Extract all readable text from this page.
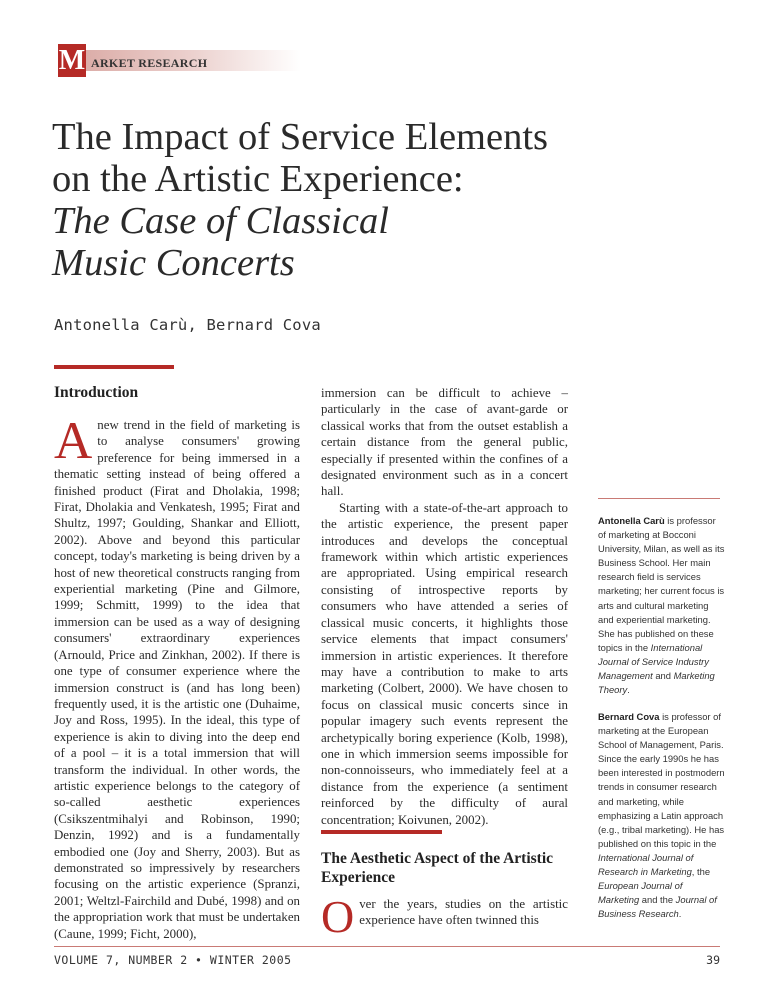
M ARKET RESEARCH
The Impact of Service Elements
on the Artistic Experience:
The Case of Classical
Music Concerts
Antonella Carù, Bernard Cova
Introduction

Anew trend in the field of marketing is to analyse consumers' growing preference for being immersed in a thematic setting instead of being offered a finished product (Firat and Dholakia, 1998; Firat, Dholakia and Venkatesh, 1995; Firat and Shultz, 1997; Goulding, Shankar and Elliott, 2002). Above and beyond this particular concept, today's marketing is being driven by a host of new theoretical constructs ranging from experiential marketing (Pine and Gilmore, 1999; Schmitt, 1999) to the idea that immersion can be used as a way of designing consumers' extraordinary experiences (Arnould, Price and Zinkhan, 2002). If there is one type of consumer experience where the immersion construct is (and has long been) frequently used, it is the artistic one (Duhaime, Joy and Ross, 1995). In the ideal, this type of experience is akin to diving into the deep end of a pool – it is a total immersion that will transform the individual. In other words, the artistic experience belongs to the category of so-called aesthetic experiences (Csikszentmihalyi and Robinson, 1990; Denzin, 1992) and is a fundamentally embodied one (Joy and Sherry, 2003). But as demonstrated so impressively by researchers focusing on the artistic experience (Spranzi, 2001; Weltzl-Fairchild and Dubé, 1998) and on the appropriation work that must be undertaken (Caune, 1999; Ficht, 2000),

immersion can be difficult to achieve – particularly in the case of avant-garde or classical works that from the outset establish a certain distance from the general public, especially if presented within the confines of a designated environment such as in a concert hall.

Starting with a state-of-the-art approach to the artistic experience, the present paper introduces and develops the conceptual framework within which artistic experiences are appropriated. Using empirical research consisting of introspective reports by consumers who have attended a series of classical music concerts, it highlights those service elements that impact consumers' immersion in artistic experiences. It therefore may have a contribution to make to arts marketing (Colbert, 2000). We have chosen to focus on classical music concerts since in popular imagery such events represent the archetypically boring experience (Kolb, 1998), one in which immersion seems impossible for non-connoisseurs, who immediately feel at a distance from the experience (a sentiment reinforced by the difficulty of aural concentration; Koivunen, 2002).

The Aesthetic Aspect of the Artistic Experience

Over the years, studies on the artistic experience have often twinned this

Antonella Carù is professor of marketing at Bocconi University, Milan, as well as its Business School. Her main research field is services marketing; her current focus is arts and cultural marketing and experiential marketing. She has published on these topics in the International Journal of Service Industry Management and Marketing Theory.

Bernard Cova is professor of marketing at the European School of Management, Paris. Since the early 1990s he has been interested in postmodern trends in consumer research and marketing, while emphasizing a Latin approach (e.g., tribal marketing). He has published on this topic in the International Journal of Research in Marketing, the European Journal of Marketing and the Journal of Business Research.

VOLUME 7, NUMBER 2 • WINTER 2005	39
